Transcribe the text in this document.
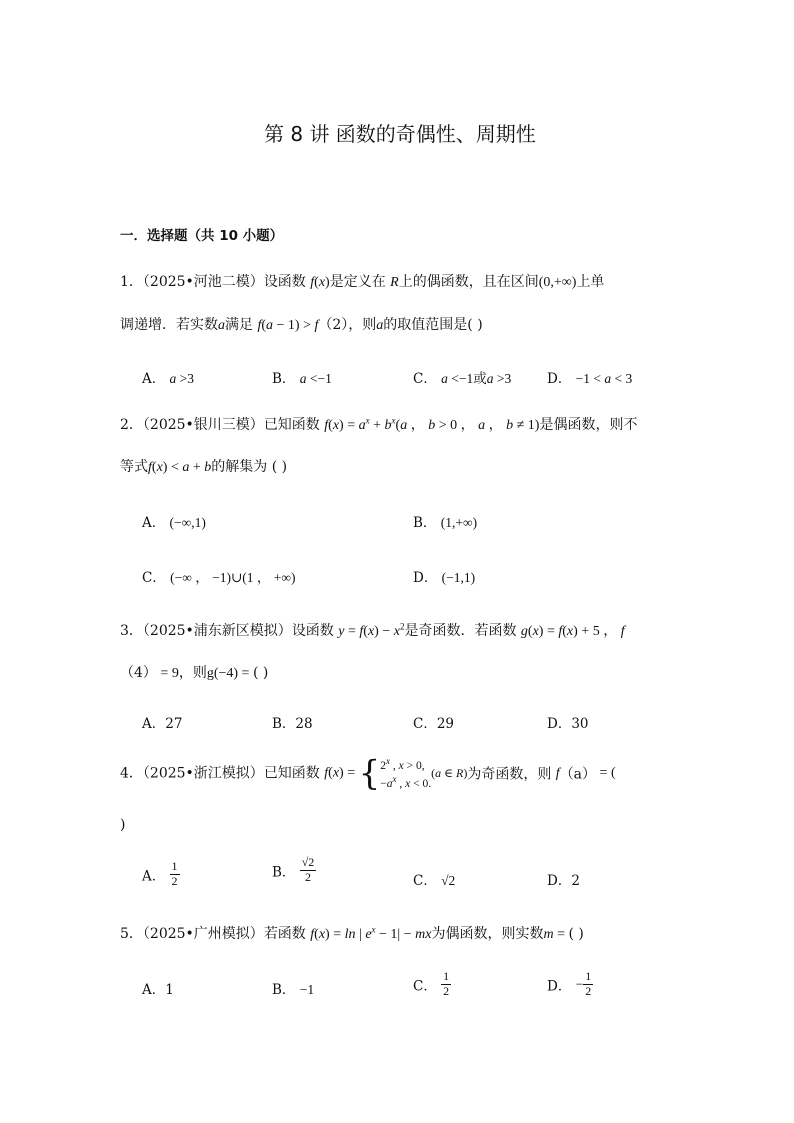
第 8 讲 函数的奇偶性、周期性
一．选择题（共 10 小题）
1．（2025•河池二模）设函数 f(x)是定义在 R上的偶函数，且在区间(0,+∞)上单
调递增．若实数a满足 f(a − 1) > f（2），则a的取值范围是( )
A． a >3	B． a <−1	C． a <−1或a >3	D． −1 < a < 3
2．（2025•银川三模）已知函数 $f(x) = a^x + b^x(a$ ， b > 0 ， a ， b ≠ 1)是偶函数，则不
等式f(x) < a + b的解集为 ( )
A． (−∞,1)	B． (1,+∞)
C． (−∞ ， −1)∪(1 ， +∞)	D． (−1,1)
3．（2025•浦东新区模拟）设函数 $y = f(x) - x^2$是奇函数．若函数 g(x) = f(x) + 5 ， f
（4） = 9，则g(−4) = ( )
A．27	B．28	C．29	D．30
4．（2025•浙江模拟）已知函数 f(x) = { 2$^x$ , x > 0,
$-a^x$ , x < 0.
(a ∈ R)为奇函数，则 f（a） = (
)
A． $\frac{1}{2}$	B． $\frac{√2}{2}$	C． √2	D．2
5．（2025•广州模拟）若函数 f(x) = ln | $e^x - 1|$ − mx为偶函数，则实数m = ( )
A．1	B． −1	C． $\frac{1}{2}$	D． − $\frac{1}{2}$
